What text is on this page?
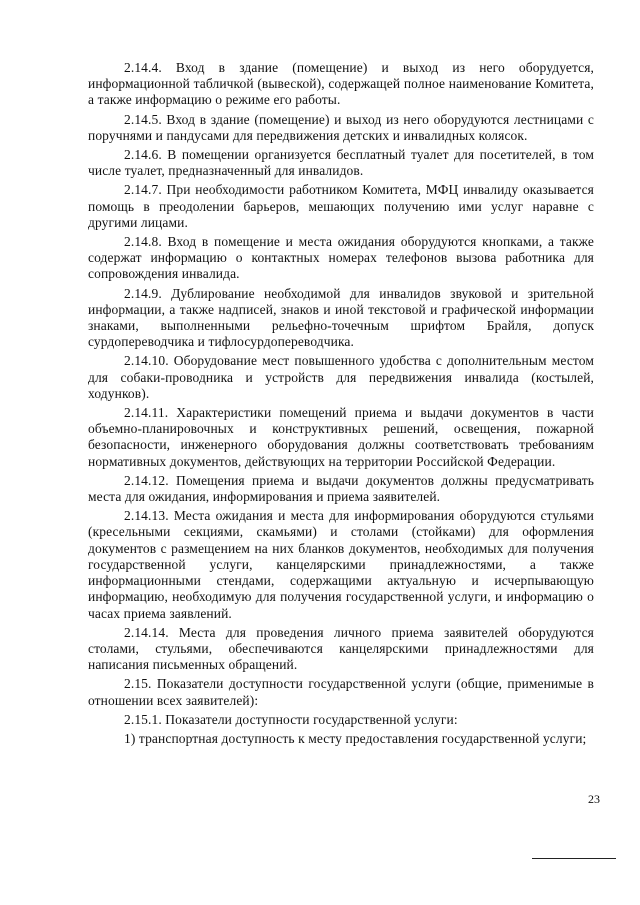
2.14.4. Вход в здание (помещение) и выход из него оборудуется, информационной табличкой (вывеской), содержащей полное наименование Комитета, а также информацию о режиме его работы.

2.14.5. Вход в здание (помещение) и выход из него оборудуются лестницами с поручнями и пандусами для передвижения детских и инвалидных колясок.

2.14.6. В помещении организуется бесплатный туалет для посетителей, в том числе туалет, предназначенный для инвалидов.

2.14.7. При необходимости работником Комитета, МФЦ инвалиду оказывается помощь в преодолении барьеров, мешающих получению ими услуг наравне с другими лицами.

2.14.8. Вход в помещение и места ожидания оборудуются кнопками, а также содержат информацию о контактных номерах телефонов вызова работника для сопровождения инвалида.

2.14.9. Дублирование необходимой для инвалидов звуковой и зрительной информации, а также надписей, знаков и иной текстовой и графической информации знаками, выполненными рельефно-точечным шрифтом Брайля, допуск сурдопереводчика и тифлосурдопереводчика.

2.14.10. Оборудование мест повышенного удобства с дополнительным местом для собаки-проводника и устройств для передвижения инвалида (костылей, ходунков).

2.14.11. Характеристики помещений приема и выдачи документов в части объемно-планировочных и конструктивных решений, освещения, пожарной безопасности, инженерного оборудования должны соответствовать требованиям нормативных документов, действующих на территории Российской Федерации.

2.14.12. Помещения приема и выдачи документов должны предусматривать места для ожидания, информирования и приема заявителей.

2.14.13. Места ожидания и места для информирования оборудуются стульями (кресельными секциями, скамьями) и столами (стойками) для оформления документов с размещением на них бланков документов, необходимых для получения государственной услуги, канцелярскими принадлежностями, а также информационными стендами, содержащими актуальную и исчерпывающую информацию, необходимую для получения государственной услуги, и информацию о часах приема заявлений.

2.14.14. Места для проведения личного приема заявителей оборудуются столами, стульями, обеспечиваются канцелярскими принадлежностями для написания письменных обращений.

2.15. Показатели доступности государственной услуги (общие, применимые в отношении всех заявителей):

2.15.1. Показатели доступности государственной услуги:

1) транспортная доступность к месту предоставления государственной услуги;

23
